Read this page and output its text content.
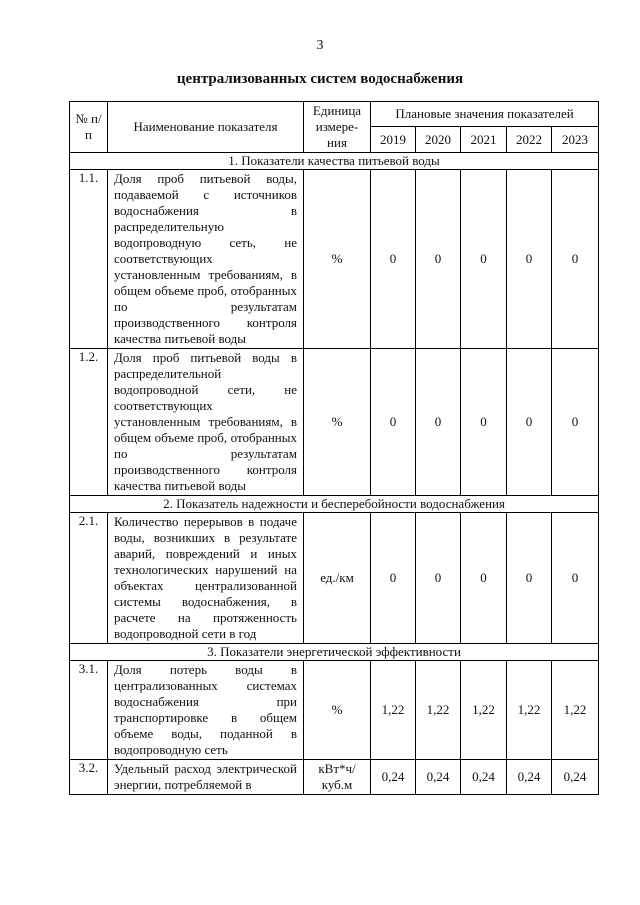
3
централизованных систем водоснабжения
№ п/п	Наименование показателя	Единица измере-ния	Плановые значения показателей				
			2019	2020	2021	2022	2023
1. Показатели качества питьевой воды							
1.1.	Доля проб питьевой воды, подаваемой с источников водоснабжения в распределительную водопроводную сеть, не соответствующих установленным требованиям, в общем объеме проб, отобранных по результатам производственного контроля качества питьевой воды	%	0	0	0	0	0
1.2.	Доля проб питьевой воды в распределительной водопроводной сети, не соответствующих установленным требованиям, в общем объеме проб, отобранных по результатам производственного контроля качества питьевой воды	%	0	0	0	0	0
2. Показатель надежности и бесперебойности водоснабжения							
2.1.	Количество перерывов в подаче воды, возникших в результате аварий, повреждений и иных технологических нарушений на объектах централизованной системы водоснабжения, в расчете на протяженность водопроводной сети в год	ед./км	0	0	0	0	0
3. Показатели энергетической эффективности							
3.1.	Доля потерь воды в централизованных системах водоснабжения при транспортировке в общем объеме воды, поданной в водопроводную сеть	%	1,22	1,22	1,22	1,22	1,22
3.2.	Удельный расход электрической энергии, потребляемой в	кВт*ч/ куб.м	0,24	0,24	0,24	0,24	0,24
